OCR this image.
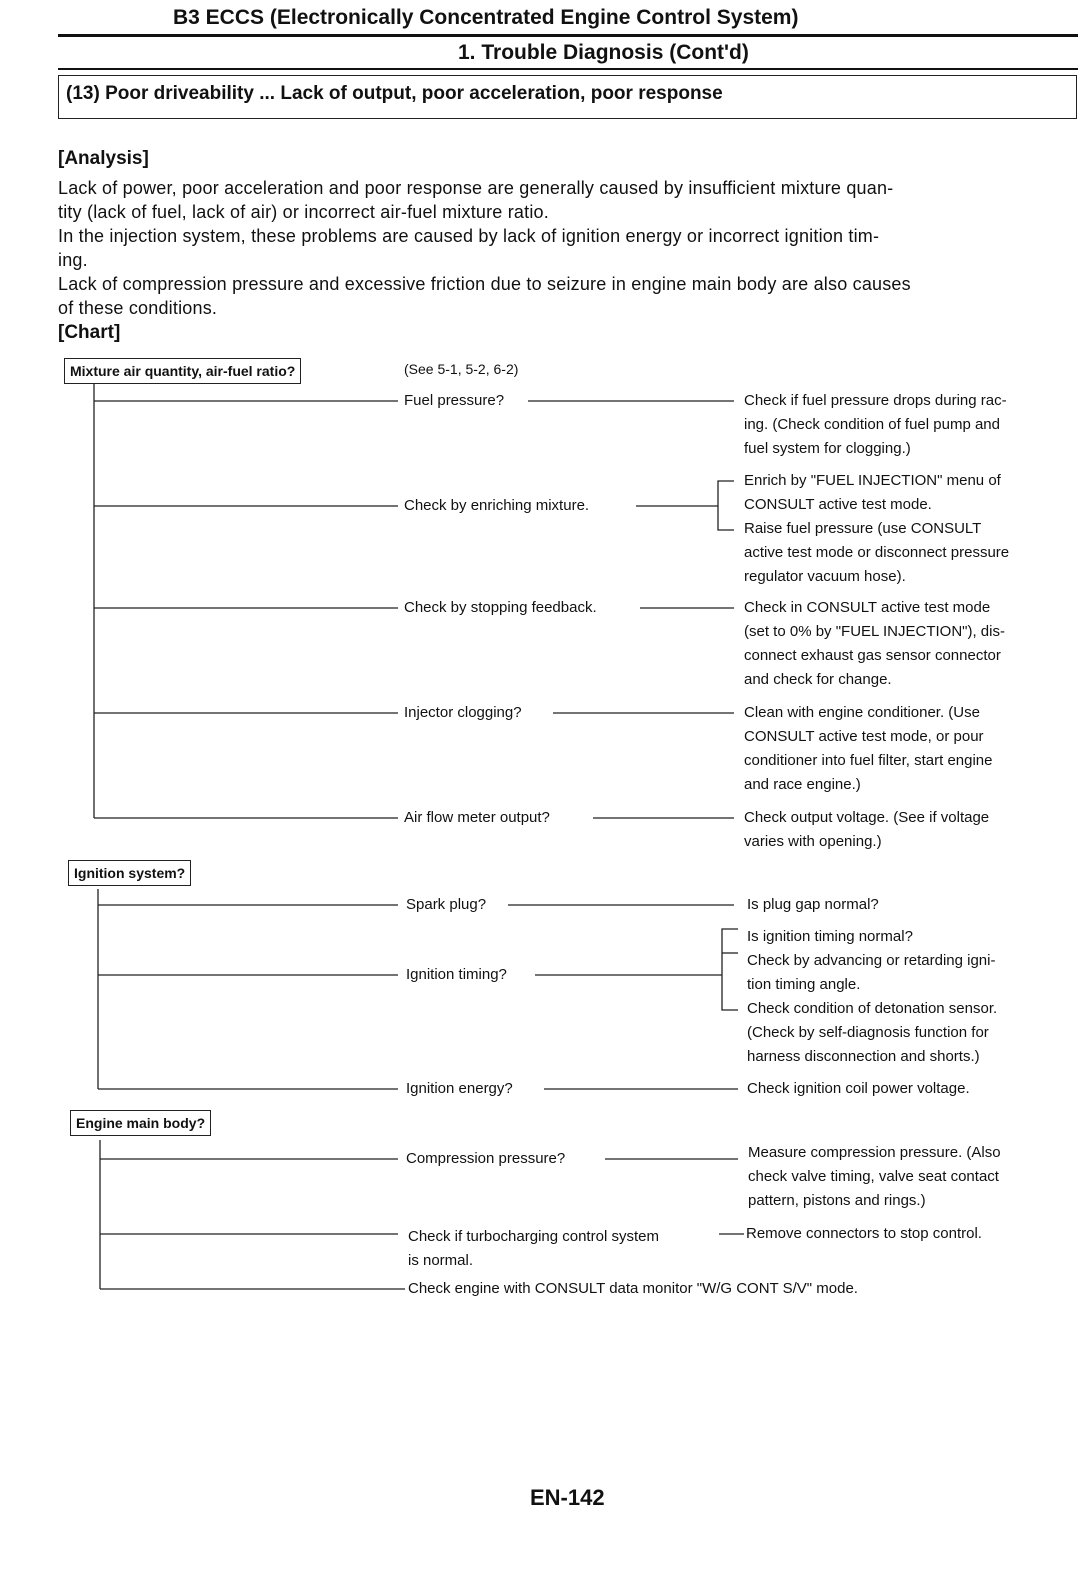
B3 ECCS (Electronically Concentrated Engine Control System)
1. Trouble Diagnosis (Cont'd)
(13) Poor driveability ... Lack of output, poor acceleration, poor response
[Analysis]
Lack of power, poor acceleration and poor response are generally caused by insufficient mixture quan-
tity (lack of fuel, lack of air) or incorrect air-fuel mixture ratio.
In the injection system, these problems are caused by lack of ignition energy or incorrect ignition tim-
ing.
Lack of compression pressure and excessive friction due to seizure in engine main body are also causes
of these conditions.
[Chart]
Mixture air quantity, air-fuel ratio?	(See 5-1, 5-2, 6-2)
Fuel pressure?	Check if fuel pressure drops during rac-
ing. (Check condition of fuel pump and
fuel system for clogging.)
Check by enriching mixture.
Enrich by "FUEL INJECTION" menu of
CONSULT active test mode.
Raise fuel pressure (use CONSULT
active test mode or disconnect pressure
regulator vacuum hose).
Check by stopping feedback.	Check in CONSULT active test mode
(set to 0% by "FUEL INJECTION"), dis-
connect exhaust gas sensor connector
and check for change.
Injector clogging?	Clean with engine conditioner. (Use
CONSULT active test mode, or pour
conditioner into fuel filter, start engine
and race engine.)
Air flow meter output?	Check output voltage. (See if voltage
varies with opening.)
Ignition system?
Spark plug?	Is plug gap normal?
Ignition timing?
Is ignition timing normal?
Check by advancing or retarding igni-
tion timing angle.
Check condition of detonation sensor.
(Check by self-diagnosis function for
harness disconnection and shorts.)
Ignition energy?	Check ignition coil power voltage.
Engine main body?
Compression pressure?	Measure compression pressure. (Also
check valve timing, valve seat contact
pattern, pistons and rings.)
Check if turbocharging control system
is normal.
Remove connectors to stop control.
Check engine with CONSULT data monitor "W/G CONT S/V" mode.
EN-142
